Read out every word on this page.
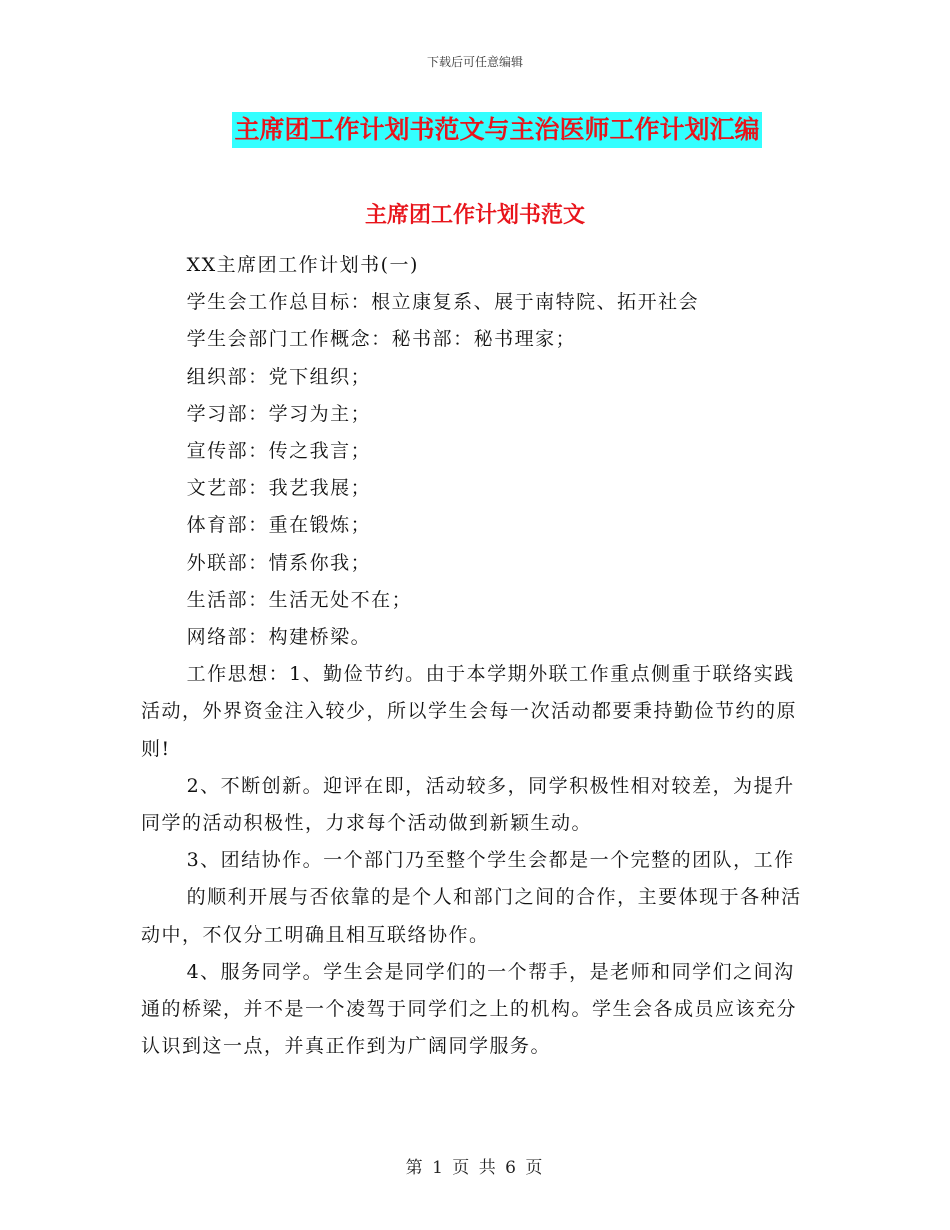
下载后可任意编辑
主席团工作计划书范文与主治医师工作计划汇编
主席团工作计划书范文

XX主席团工作计划书(一)

学生会工作总目标：根立康复系、展于南特院、拓开社会

学生会部门工作概念：秘书部：秘书理家；

组织部：党下组织；

学习部：学习为主；

宣传部：传之我言；

文艺部：我艺我展；

体育部：重在锻炼；

外联部：情系你我；

生活部：生活无处不在；

网络部：构建桥梁。

工作思想：1、勤俭节约。由于本学期外联工作重点侧重于联络实践活动，外界资金注入较少，所以学生会每一次活动都要秉持勤俭节约的原则!

2、不断创新。迎评在即，活动较多，同学积极性相对较差，为提升同学的活动积极性，力求每个活动做到新颖生动。

3、团结协作。一个部门乃至整个学生会都是一个完整的团队，工作

的顺利开展与否依靠的是个人和部门之间的合作，主要体现于各种活动中，不仅分工明确且相互联络协作。

4、服务同学。学生会是同学们的一个帮手，是老师和同学们之间沟通的桥梁，并不是一个凌驾于同学们之上的机构。学生会各成员应该充分认识到这一点，并真正作到为广阔同学服务。

第 1 页 共 6 页
